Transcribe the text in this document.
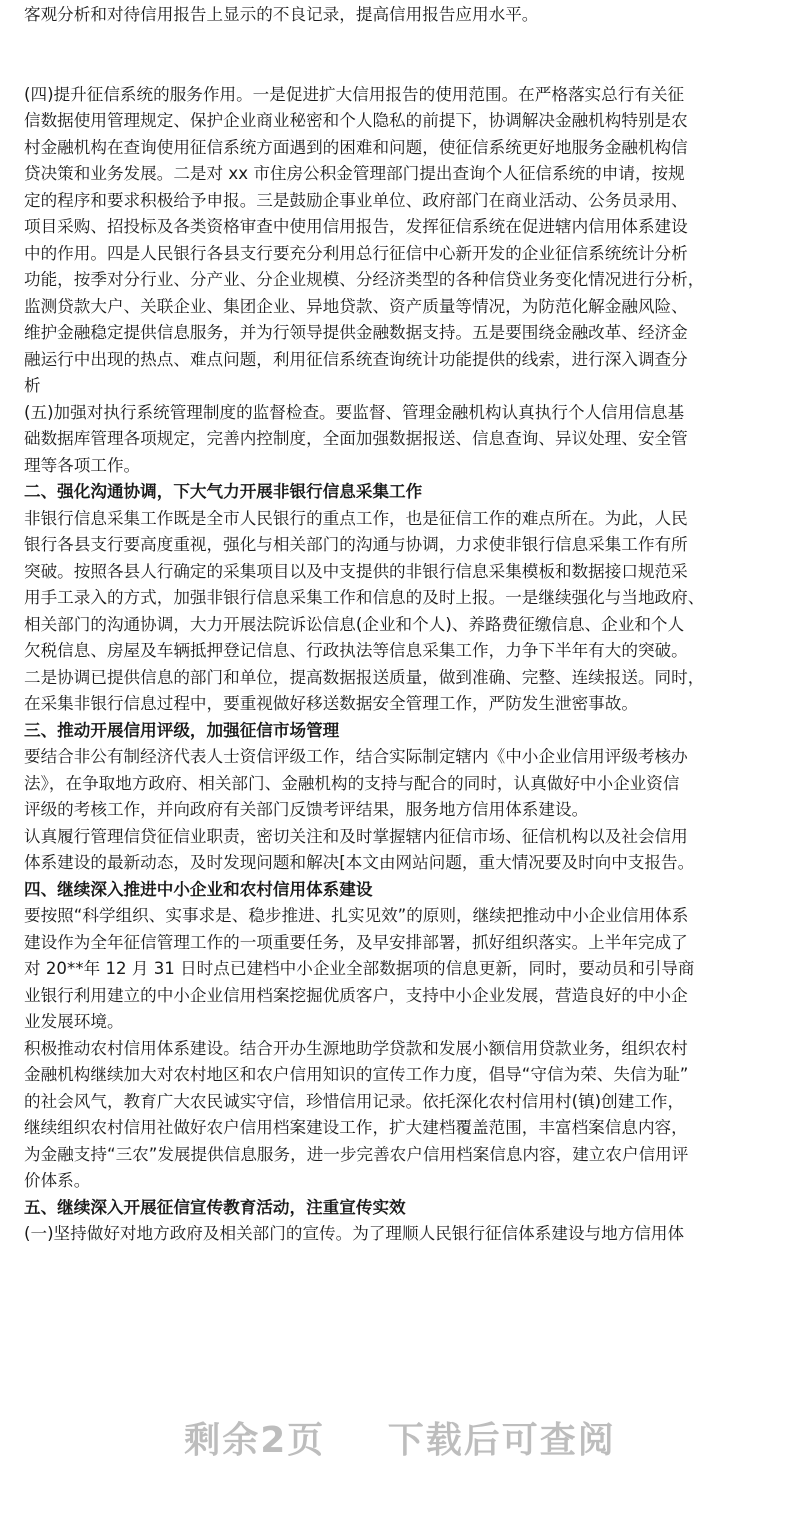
客观分析和对待信用报告上显示的不良记录，提高信用报告应用水平。
(四)提升征信系统的服务作用。一是促进扩大信用报告的使用范围。在严格落实总行有关征
信数据使用管理规定、保护企业商业秘密和个人隐私的前提下，协调解决金融机构特别是农
村金融机构在查询使用征信系统方面遇到的困难和问题，使征信系统更好地服务金融机构信
贷决策和业务发展。二是对 xx 市住房公积金管理部门提出查询个人征信系统的申请，按规
定的程序和要求积极给予申报。三是鼓励企事业单位、政府部门在商业活动、公务员录用、
项目采购、招投标及各类资格审查中使用信用报告，发挥征信系统在促进辖内信用体系建设
中的作用。四是人民银行各县支行要充分利用总行征信中心新开发的企业征信系统统计分析
功能，按季对分行业、分产业、分企业规模、分经济类型的各种信贷业务变化情况进行分析，
监测贷款大户、关联企业、集团企业、异地贷款、资产质量等情况，为防范化解金融风险、
维护金融稳定提供信息服务，并为行领导提供金融数据支持。五是要围绕金融改革、经济金
融运行中出现的热点、难点问题，利用征信系统查询统计功能提供的线索，进行深入调查分
析
(五)加强对执行系统管理制度的监督检查。要监督、管理金融机构认真执行个人信用信息基
础数据库管理各项规定，完善内控制度，全面加强数据报送、信息查询、异议处理、安全管
理等各项工作。
二、强化沟通协调，下大气力开展非银行信息采集工作
非银行信息采集工作既是全市人民银行的重点工作，也是征信工作的难点所在。为此，人民
银行各县支行要高度重视，强化与相关部门的沟通与协调，力求使非银行信息采集工作有所
突破。按照各县人行确定的采集项目以及中支提供的非银行信息采集模板和数据接口规范采
用手工录入的方式，加强非银行信息采集工作和信息的及时上报。一是继续强化与当地政府、
相关部门的沟通协调，大力开展法院诉讼信息(企业和个人)、养路费征缴信息、企业和个人
欠税信息、房屋及车辆抵押登记信息、行政执法等信息采集工作，力争下半年有大的突破。
二是协调已提供信息的部门和单位，提高数据报送质量，做到准确、完整、连续报送。同时，
在采集非银行信息过程中，要重视做好移送数据安全管理工作，严防发生泄密事故。
三、推动开展信用评级，加强征信市场管理
要结合非公有制经济代表人士资信评级工作，结合实际制定辖内《中小企业信用评级考核办
法》，在争取地方政府、相关部门、金融机构的支持与配合的同时，认真做好中小企业资信
评级的考核工作，并向政府有关部门反馈考评结果，服务地方信用体系建设。
认真履行管理信贷征信业职责，密切关注和及时掌握辖内征信市场、征信机构以及社会信用
体系建设的最新动态，及时发现问题和解决[本文由网站问题，重大情况要及时向中支报告。
四、继续深入推进中小企业和农村信用体系建设
要按照“科学组织、实事求是、稳步推进、扎实见效”的原则，继续把推动中小企业信用体系
建设作为全年征信管理工作的一项重要任务，及早安排部署，抓好组织落实。上半年完成了
对 20**年 12 月 31 日时点已建档中小企业全部数据项的信息更新，同时，要动员和引导商
业银行利用建立的中小企业信用档案挖掘优质客户，支持中小企业发展，营造良好的中小企
业发展环境。
积极推动农村信用体系建设。结合开办生源地助学贷款和发展小额信用贷款业务，组织农村
金融机构继续加大对农村地区和农户信用知识的宣传工作力度，倡导“守信为荣、失信为耻”
的社会风气，教育广大农民诚实守信，珍惜信用记录。依托深化农村信用村(镇)创建工作，
继续组织农村信用社做好农户信用档案建设工作，扩大建档覆盖范围，丰富档案信息内容，
为金融支持“三农”发展提供信息服务，进一步完善农户信用档案信息内容，建立农户信用评
价体系。
五、继续深入开展征信宣传教育活动，注重宣传实效
(一)坚持做好对地方政府及相关部门的宣传。为了理顺人民银行征信体系建设与地方信用体
剩余2页 下载后可查阅
